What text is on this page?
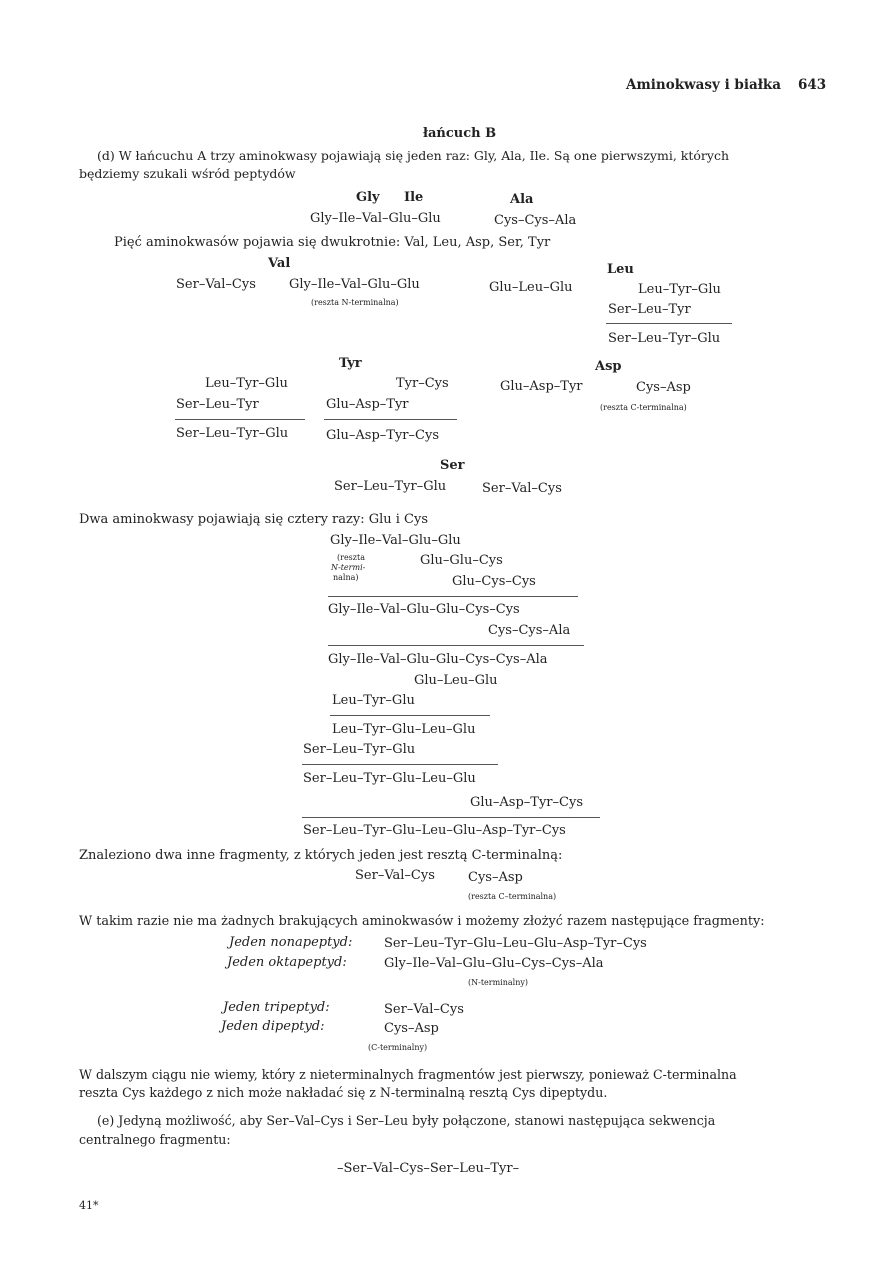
Aminokwasy i białka 643
łańcuch B
(d) W łańcuchu A trzy aminokwasy pojawiają się jeden raz: Gly, Ala, Ile. Są one pierwszymi, których
będziemy szukali wśród peptydów
Gly Ile	Ala
Gly–Ile–Val–Glu–Glu	Cys–Cys–Ala
Pięć aminokwasów pojawia się dwukrotnie: Val, Leu, Asp, Ser, Tyr
Val
Ser–Val–Cys	Gly–Ile–Val–Glu–Glu
(reszta N-terminalna)
Leu
Glu–Leu–Glu	Leu–Tyr–Glu
Ser–Leu–Tyr
Ser–Leu–Tyr–Glu
Leu–Tyr–Glu
Ser–Leu–Tyr
Ser–Leu–Tyr–Glu
Tyr
Tyr–Cys
Glu–Asp–Tyr
Glu–Asp–Tyr–Cys
Asp
Glu–Asp–Tyr	Cys–Asp
(reszta C-terminalna)
Ser
Ser–Leu–Tyr–Glu	Ser–Val–Cys
Dwa aminokwasy pojawiają się cztery razy: Glu i Cys
Gly–Ile–Val–Glu–Glu
(reszta
N-termi-
nalna)
Glu–Glu–Cys
Glu–Cys–Cys
Gly–Ile–Val–Glu–Glu–Cys–Cys
Cys–Cys–Ala
Gly–Ile–Val–Glu–Glu–Cys–Cys–Ala
Glu–Leu–Glu
Leu–Tyr–Glu
Leu–Tyr–Glu–Leu–Glu
Ser–Leu–Tyr–Glu
Ser–Leu–Tyr–Glu–Leu–Glu
Glu–Asp–Tyr–Cys
Ser–Leu–Tyr–Glu–Leu–Glu–Asp–Tyr–Cys
Znaleziono dwa inne fragmenty, z których jeden jest resztą C-terminalną:
Ser–Val–Cys	Cys–Asp
(reszta C–terminalna)
W takim razie nie ma żadnych brakujących aminokwasów i możemy złożyć razem następujące fragmenty:
Jeden nonapeptyd: Ser–Leu–Tyr–Glu–Leu–Glu–Asp–Tyr–Cys
Jeden oktapeptyd:	Gly–Ile–Val–Glu–Glu–Cys–Cys–Ala
(N-terminalny)
Jeden tripeptyd:	Ser–Val–Cys
Jeden dipeptyd:	Cys–Asp
(C-terminalny)
W dalszym ciągu nie wiemy, który z nieterminalnych fragmentów jest pierwszy, ponieważ C-terminalna
reszta Cys każdego z nich może nakładać się z N-terminalną resztą Cys dipeptydu.
(e) Jedyną możliwość, aby Ser–Val–Cys i Ser–Leu były połączone, stanowi następująca sekwencja
centralnego fragmentu:
–Ser–Val–Cys–Ser–Leu–Tyr–
41*
